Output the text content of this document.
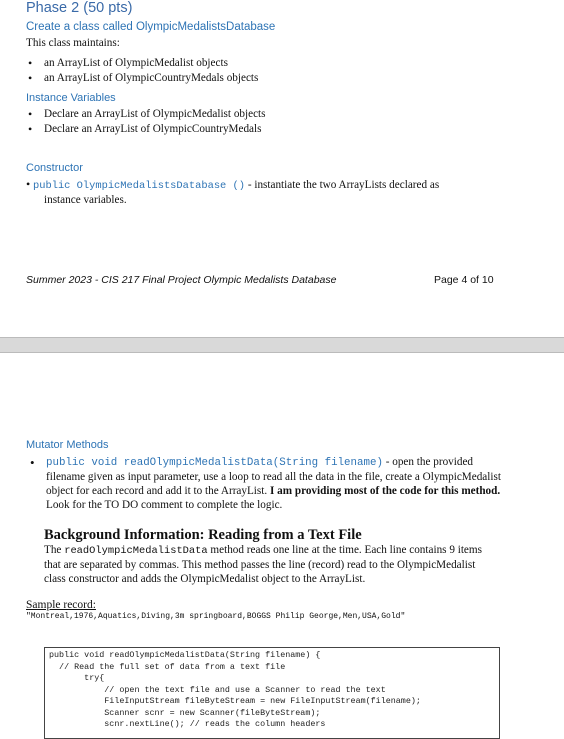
Phase 2 (50 pts)
Create a class called OlympicMedalistsDatabase
This class maintains:
• an ArrayList of OlympicMedalist objects
• an ArrayList of OlympicCountryMedals objects
Instance Variables
• Declare an ArrayList of OlympicMedalist objects
• Declare an ArrayList of OlympicCountryMedals
Constructor
• public OlympicMedalistsDatabase () - instantiate the two ArrayLists declared as
instance variables.
Summer 2023 - CIS 217 Final Project Olympic Medalists Database	Page 4 of 10
Mutator Methods
• public void readOlympicMedalistData(String filename) - open the provided filename given as input parameter, use a loop to read all the data in the file, create a OlympicMedalist object for each record and add it to the ArrayList. I am providing most of the code for this method. Look for the TO DO comment to complete the logic.
Background Information: Reading from a Text File
The readOlympicMedalistData method reads one line at the time. Each line contains 9 items that are separated by commas. This method passes the line (record) read to the OlympicMedalist class constructor and adds the OlympicMedalist object to the ArrayList.
Sample record:
"Montreal,1976,Aquatics,Diving,3m springboard,BOGGS Philip George,Men,USA,Gold"
public void readOlympicMedalistData(String filename) {
// Read the full set of data from a text file
try{
// open the text file and use a Scanner to read the text
FileInputStream fileByteStream = new FileInputStream(filename);
Scanner scnr = new Scanner(fileByteStream);
scnr.nextLine(); // reads the column headers
